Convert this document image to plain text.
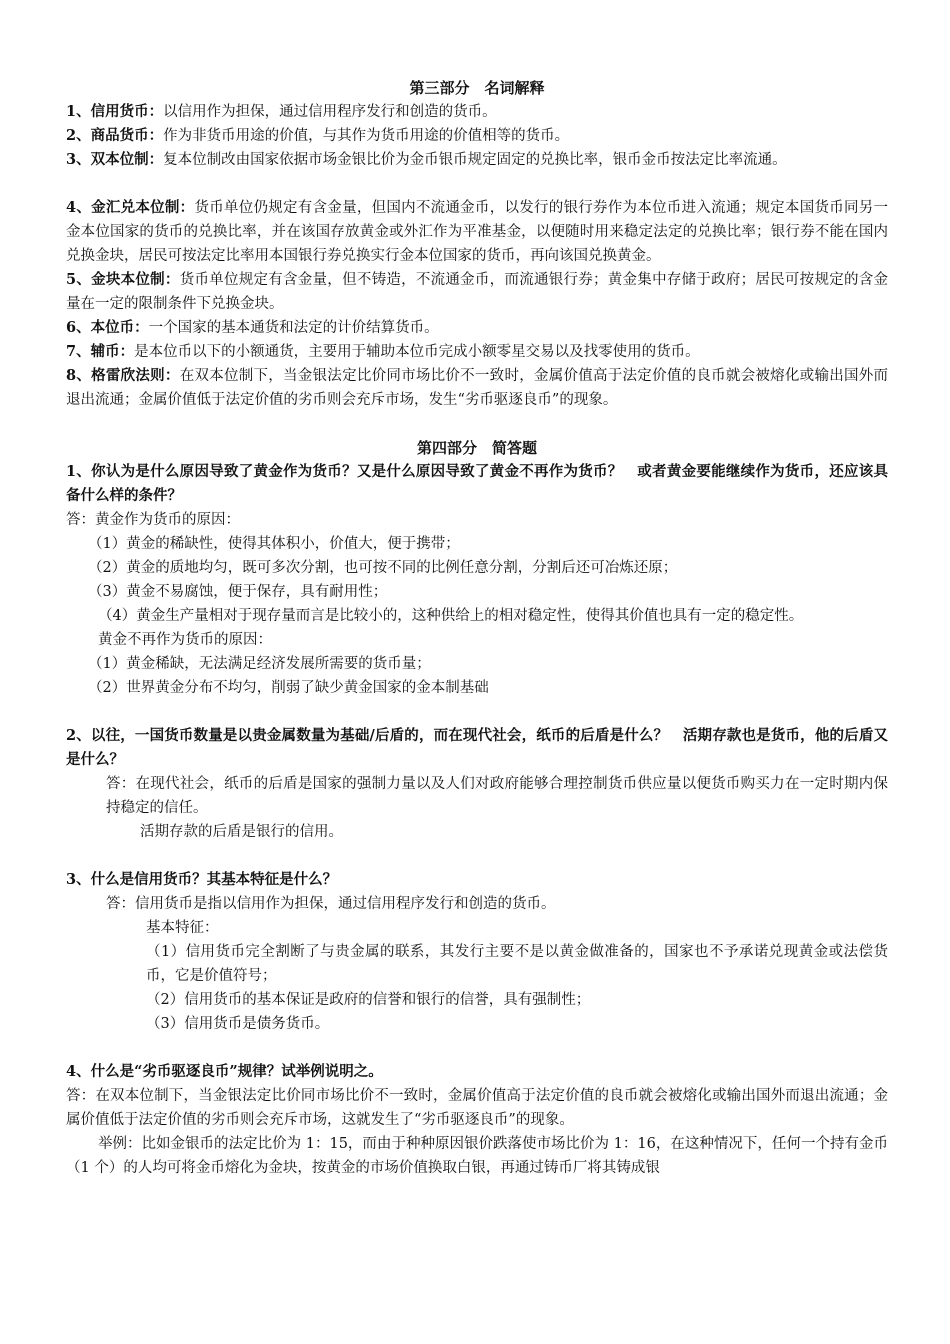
第三部分　名词解释

1、信用货币：以信用作为担保，通过信用程序发行和创造的货币。

2、商品货币：作为非货币用途的价值，与其作为货币用途的价值相等的货币。

3、双本位制：复本位制改由国家依据市场金银比价为金币银币规定固定的兑换比率，银币金币按法定比率流通。

4、金汇兑本位制：货币单位仍规定有含金量，但国内不流通金币，以发行的银行券作为本位币进入流通；规定本国货币同另一金本位国家的货币的兑换比率，并在该国存放黄金或外汇作为平准基金，以便随时用来稳定法定的兑换比率；银行券不能在国内兑换金块，居民可按法定比率用本国银行券兑换实行金本位国家的货币，再向该国兑换黄金。

5、金块本位制：货币单位规定有含金量，但不铸造，不流通金币，而流通银行券；黄金集中存储于政府；居民可按规定的含金量在一定的限制条件下兑换金块。

6、本位币：一个国家的基本通货和法定的计价结算货币。

7、辅币：是本位币以下的小额通货，主要用于辅助本位币完成小额零星交易以及找零使用的货币。

8、格雷欣法则：在双本位制下，当金银法定比价同市场比价不一致时，金属价值高于法定价值的良币就会被熔化或输出国外而退出流通；金属价值低于法定价值的劣币则会充斥市场，发生“劣币驱逐良币”的现象。

第四部分　简答题

1、你认为是什么原因导致了黄金作为货币？又是什么原因导致了黄金不再作为货币？　或者黄金要能继续作为货币，还应该具备什么样的条件？

答：黄金作为货币的原因：

（1）黄金的稀缺性，使得其体积小，价值大，便于携带；

（2）黄金的质地均匀，既可多次分割，也可按不同的比例任意分割，分割后还可冶炼还原；

（3）黄金不易腐蚀，便于保存，具有耐用性；

（4）黄金生产量相对于现存量而言是比较小的，这种供给上的相对稳定性，使得其价值也具有一定的稳定性。

黄金不再作为货币的原因：

（1）黄金稀缺，无法满足经济发展所需要的货币量；

（2）世界黄金分布不均匀，削弱了缺少黄金国家的金本制基础

2、以往，一国货币数量是以贵金属数量为基础/后盾的，而在现代社会，纸币的后盾是什么？　活期存款也是货币，他的后盾又是什么？

答：在现代社会，纸币的后盾是国家的强制力量以及人们对政府能够合理控制货币供应量以便货币购买力在一定时期内保持稳定的信任。

活期存款的后盾是银行的信用。

3、什么是信用货币？其基本特征是什么？

答：信用货币是指以信用作为担保，通过信用程序发行和创造的货币。

基本特征：

（1）信用货币完全割断了与贵金属的联系，其发行主要不是以黄金做准备的，国家也不予承诺兑现黄金或法偿货币，它是价值符号；

（2）信用货币的基本保证是政府的信誉和银行的信誉，具有强制性；

（3）信用货币是债务货币。

4、什么是“劣币驱逐良币”规律？试举例说明之。

答：在双本位制下，当金银法定比价同市场比价不一致时，金属价值高于法定价值的良币就会被熔化或输出国外而退出流通；金属价值低于法定价值的劣币则会充斥市场，这就发生了“劣币驱逐良币”的现象。

举例：比如金银币的法定比价为 1：15，而由于种种原因银价跌落使市场比价为 1：16，在这种情况下，任何一个持有金币（1 个）的人均可将金币熔化为金块，按黄金的市场价值换取白银，再通过铸币厂将其铸成银
